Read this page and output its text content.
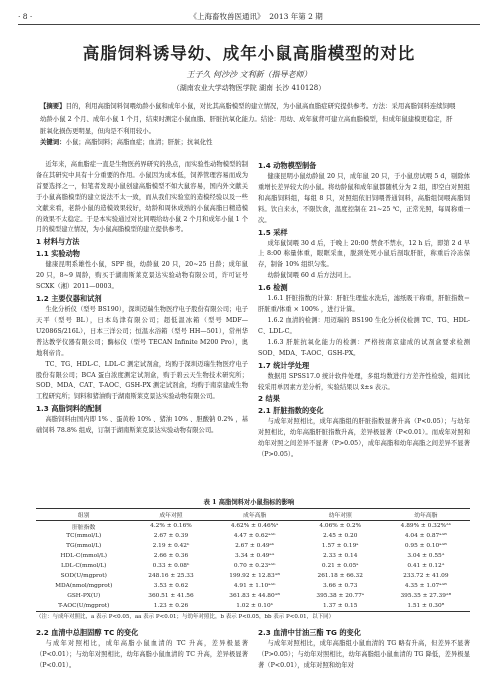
· 8 ·	《上海畜牧兽医通讯》 2013 年第 2 期
高脂饲料诱导幼、成年小鼠高脂模型的对比
王子久 何沙沙 文利新（指导老师）
（湖南农业大学动物医学院 湖南 长沙 410128）
【摘要】目的，利用高脂饲料饲喂幼龄小鼠和成年小鼠，对比其高脂模型的建立情况，为小鼠高血脂症研究提供参考。方法：采用高脂饲料连续饲喂幼龄小鼠 2 个月、成年小鼠 1 个月，结束时测定小鼠血脂、肝脏抗氧化能力。结论：用幼、成年鼠背可建立高血脂模型，但成年鼠建模更稳定，肝脏氧化损伤更明显，但肉是不利用较小。
关键词：小鼠；高脂饲料；高脂血症；血清；肝脏；抗氧化性

近年来，高血脂症一直是生物医药界研究的热点，而实验性动物模型的制备在其研究中具有十分重要的作用。小鼠因为成本低，饲养管理容易而成为首要选择之一，但笔者发现小鼠创建高脂模型不如大鼠容易，国内外文献关于小鼠高脂模型的建立说法不太一致，而从我们实验室的造模经验以及一些文献来看，老龄小鼠的造模效果较好，幼龄和周休成熟的小鼠高脂日精造模的效果不太稳定。于是本实验通过对比同喂给幼小鼠 2 个月和成年小鼠 1 个月的模型建立情况，为小鼠高脂模型的建立提供参考。

1 材料与方法

1.1 实验动物

健康昆明系雄性小鼠，SPF 级，幼龄鼠 20 只，20~25 日龄；成年鼠 20 只，8~9 周龄，购买于湖南斯莱克景达实验动物有限公司，许可证号 SCXK（湘）2011—0003。

1.2 主要仪器和试剂

生化分析仪（型号 BS190），深圳迈瑞生物医疗电子股份有限公司；电子天平（型号 BL），日本岛津有限公司；超低温冰箱（型号 MDF—U2086S/216L），日本三洋公司；恒温水浴箱（型号 HH—501），常州华普达教学仪器有限公司；酶标仪（型号 TECAN Infinite M200 Pro），奥地利帝肯。

TC、TG、HDL-C、LDL-C 测定试剂盒，均购于深圳迈瑞生物医疗电子股份有限公司；BCA 蛋白浓度测定试剂盒，购于碧云天生物技术研究所；SOD、MDA、CAT、T-AOC、GSH-PX 测定试剂盒，均购于南京建成生物工程研究所；饲料和猪油购于湖南斯莱克景达实验动物有限公司。

1.3 高脂饲料的配制

高脂饲料由国内即 1% 、蛋黄粉 10% 、猪油 10% 、胆酸钠 0.2% ，基础饲料 78.8% 组成，订制于湖南斯莱克景达实验动物有限公司。

1.4 动物模型制备

健康昆明小鼠幼龄鼠 20 只，成年鼠 20 只，于小鼠房试喂 5 d，剔除体重增长差异较大的小鼠。将幼龄鼠和成年鼠都随机分为 2 组，即空白对照组和高脂饲料组，每组 8 只，对照组依旧饲喂普通饲料，高脂组饲喂高脂饲料。饮自来水，不限饮食，温度控制在 21~25 ℃，正常光照，每周称重一次。

1.5 采样

成年鼠饲喂 30 d 后，于晚上 20:00 禁食不禁水，12 h 后，即第 2 d 早上 8:00 称量体重，眼眶采血，脱颈处死小鼠后剖取肝脏，称重后冷冻保存，制备 10% 组织匀浆。

幼龄鼠饲喂 60 d 后方法同上。

1.6 检测

1.6.1 肝脏指数的计算：肝脏生理盐水洗后，滤纸吸干称重，肝脏指数＝肝脏重/体重 × 100% ，进行计算。

1.6.2 血清的检测：用迈瑞的 BS190 生化分析仪检测 TC、TG、HDL-C、LDL-C。

1.6.3 肝脏抗氧化能力的检测：严格按南京建成的试剂盒要求检测 SOD、MDA、T-AOC、GSH-PX。

1.7 统计学处理

数据用 SPSS17.0 统计软件处理，多组均数进行方差齐性检验，组间比较采用单因素方差分析，实验结果以 x̄±s 表示。

2 结果

2.1 肝脏指数的变化

与成年对照相比，成年高脂组的肝脏指数显著升高（P<0.05）；与幼年对照相比，幼年高脂肝脏指数升高，差异极显著（P<0.01）。而成年对照和幼年对照之间差异不显著（P>0.05），成年高脂和幼年高脂之间差异不显著（P>0.05）。

表 1 高脂饲料对小鼠指标的影响
组别	成年对照	成年高脂	幼年对照	幼年高脂
肝脏指数	4.2% ± 0.16%	4.62% ± 0.46%ᵃ	4.06% ± 0.2%	4.89% ± 0.32%ᴬᵇ
TC(mmol/L)	2.67 ± 0.39	4.47 ± 0.62ᵃᴬᵇ	2.45 ± 0.20	4.04 ± 0.87ᵃᴬᴮ
TG(mmol/L)	2.19 ± 0.42ᵇ	2.67 ± 0.49ᵃᵇ	1.57 ± 0.19ᵃ	0.95 ± 0.10ᵃᴬᴮ
HDL-C(mmol/L)	2.66 ± 0.36	3.34 ± 0.49ᵃᴬ	2.33 ± 0.14	3.04 ± 0.55ᴬ
LDL-C(mmol/L)	0.33 ± 0.08ᵇ	0.70 ± 0.23ᵃᴬᵇ	0.21 ± 0.05ᵃ	0.41 ± 0.12ᴬ
SOD(U/mgprot)	248.16 ± 25.33	199.92 ± 12.83ᴬᴮ	261.18 ± 66.32	233.72 ± 41.09
MDA(nmol/mgprot)	3.53 ± 0.62	4.91 ± 1.10ᵃᴬᵇ	3.66 ± 0.73	4.35 ± 1.07ᵃᴬᴮ
GSH-PX(U)	360.51 ± 41.56	361.83 ± 44.80ᴬᴮ	395.38 ± 20.77ᵃ	395.35 ± 27.39ᴬᴮ
T-AOC(U/mgprot)	1.23 ± 0.26	1.02 ± 0.10ᵇ	1.37 ± 0.15	1.51 ± 0.30ᴮ
（注：与成年对照比，a 表示 P<0.05，aa 表示 P<0.01；与幼年对照比，b 表示 P<0.05，bb 表示 P<0.01，以下同）

2.2 血清中总胆固醇 TC 的变化

与成年对照相比，成年高脂小鼠血清的 TC 升高，差异极显著（P<0.01）；与幼年对照相比，幼年高脂小鼠血清的 TC 升高，差异极显著（P<0.01）。

2.3 血清中甘油三酯 TG 的变化

与成年对照相比，成年高脂组小鼠血清的 TG 略有升高，但差异不显著（P>0.05）；与幼年对照相比，幼年高脂组小鼠血清的 TG 降低，差异极显著（P<0.01），成年对照和幼年对
